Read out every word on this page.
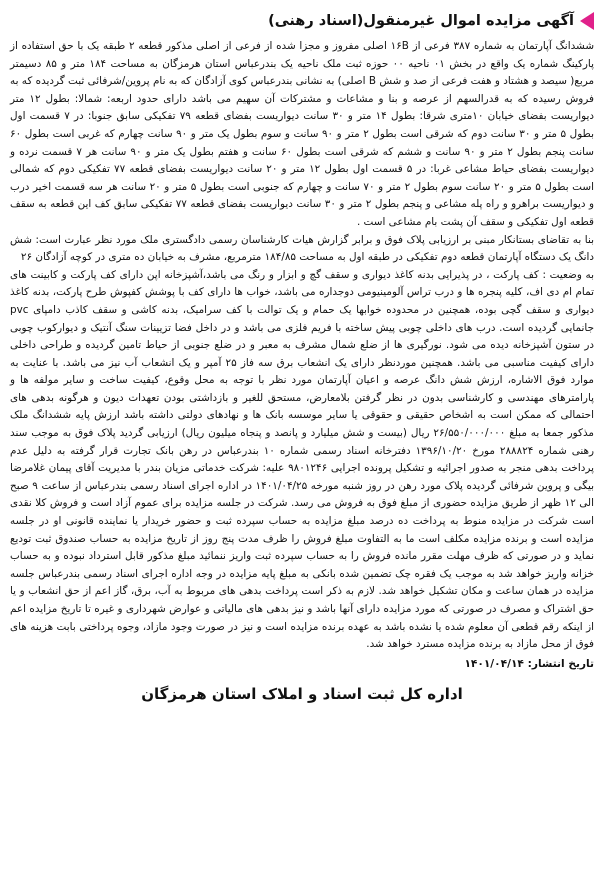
آگهی مزایده اموال غیرمنقول(اسناد رهنی)

ششدانگ آپارتمان به شماره ۳۸۷ فرعی از ۱۶B اصلی مفروز و مجزا شده از فرعی از اصلی مذکور قطعه ۲ طبقه یک با حق استفاده از پارکینگ شماره یک واقع در بخش ۰۱ ناحیه ۰۰ حوزه ثبت ملک ناحیه یک بندرعباس استان هرمزگان به مساحت ۱۸۴ متر و ۸۵ دسیمتر مربع( سیصد و هشتاد و هفت فرعی از صد و شش B اصلی) به نشانی بندرعباس کوی آزادگان که به نام پروین/شرفائی ثبت گردیده که به فروش رسیده که به قدرالسهم از عرصه و بنا و مشاعات و مشترکات آن سهیم می باشد دارای حدود اربعه: شمالا: بطول ۱۲ متر دیواریست بفضای خیابان ۱۰متری شرقا: بطول ۱۴ متر و ۳۰ سانت دیواریست بفضای قطعه ۷۹ تفکیکی سابق جنوبا: در ۷ قسمت اول بطول ۵ متر و ۳۰ سانت دوم که شرقی است بطول ۲ متر و ۹۰ سانت و سوم بطول یک متر و ۹۰ سانت چهارم که غربی است بطول ۶۰ سانت پنجم بطول ۲ متر و ۹۰ سانت و ششم که شرقی است بطول ۶۰ سانت و هفتم بطول یک متر و ۹۰ سانت هر ۷ قسمت نرده و دیواریست بفضای حیاط مشاعی غربا: در ۵ قسمت اول بطول ۱۲ متر و ۲۰ سانت دیواریست بفضای قطعه ۷۷ تفکیکی دوم که شمالی است بطول ۵ متر و ۲۰ سانت سوم بطول ۲ متر و ۷۰ سانت و چهارم که جنوبی است بطول ۵ متر و ۲۰ سانت هر سه قسمت اخیر درب و دیواریست براهرو و راه پله مشاعی و پنجم بطول ۲ متر و ۳۰ سانت دیواریست بفضای قطعه ۷۷ تفکیکی سابق کف این قطعه به سقف قطعه اول تفکیکی و سقف آن پشت بام مشاعی است .

بنا به تقاضای بستانکار مبنی بر ارزیابی پلاک فوق و برابر گزارش هیات کارشناسان رسمی دادگستری ملک مورد نظر عبارت است: شش دانگ یک دستگاه آپارتمان قطعه دوم تفکیکی در طبقه اول به مساحت ۱۸۴/۸۵ مترمربع، مشرف به خیابان ده متری در کوچه آزادگان ۲۶

به وضعیت : کف پارکت ، در پذیرایی بدنه کاغذ دیواری و سقف گچ و ابزار و رنگ می باشد،آشپزخانه اپن دارای کف پارکت و کابینت های تمام ام دی اف، کلیه پنجره ها و درب تراس آلومینیومی دوجداره می باشد، خواب ها دارای کف با پوشش کفپوش طرح پارکت، بدنه کاغذ دیواری و سقف گچی بوده، همچنین در محدوده خوابها یک حمام و یک توالت با کف سرامیک، بدنه کاشی و سقف کاذب دامپای pvc جانمایی گردیده است. درب های داخلی چوبی پیش ساخته با فریم فلزی می باشد و در داخل فضا تزیینات سنگ آنتیک و دیوارکوب چوبی در ستون آشپزخانه دیده می شود. نورگیری ها از ضلع شمال مشرف به معبر و در ضلع جنوبی از حیاط تامین گردیده و طراحی داخلی دارای کیفیت مناسبی می باشد. همچنین موردنظر دارای یک انشعاب برق سه فاز ۲۵ آمپر و یک انشعاب آب نیز می باشد. با عنایت به موارد فوق الاشاره، ارزش شش دانگ عرصه و اعیان آپارتمان مورد نظر با توجه به محل وقوع، کیفیت ساخت و سایر مولفه ها و پارامترهای مهندسی و کارشناسی بدون در نظر گرفتن بلامعارض، مستحق للغیر و بازداشتی بودن تعهدات دیون و هرگونه بدهی های احتمالی که ممکن است به اشخاص حقیقی و حقوقی یا سایر موسسه بانک ها و نهادهای دولتی داشته باشد ارزش پایه ششدانگ ملک مذکور جمعا به مبلغ ۲۶/۵۵۰/۰۰۰/۰۰۰ ریال (بیست و شش میلیارد و پانصد و پنجاه میلیون ریال) ارزیابی گردید پلاک فوق به موجب سند رهنی شماره ۲۸۸۸۲۴ مورخ ۱۳۹۶/۱۰/۲۰ دفترخانه اسناد رسمی شماره ۱۰ بندرعباس در رهن بانک تجارت قرار گرفته به دلیل عدم پرداخت بدهی منجر به صدور اجرائیه و تشکیل پرونده اجرایی ۹۸۰۱۲۴۶ علیه: شرکت خدماتی مزیان بندر با مدیریت آقای پیمان غلامرضا بیگی و پروین شرفائی گردیده پلاک مورد رهن در روز شنبه مورخه ۱۴۰۱/۰۴/۲۵ در اداره اجرای اسناد رسمی بندرعباس از ساعت ۹ صبح الی ۱۲ ظهر از طریق مزایده حضوری از مبلغ فوق به فروش می رسد. شرکت در جلسه مزایده برای عموم آزاد است و فروش کلا نقدی است شرکت در مزایده منوط به پرداخت ده درصد مبلغ مزایده به حساب سپرده ثبت و حضور خریدار یا نماینده قانونی او در جلسه مزایده است و برنده مزایده مکلف است ما به التفاوت مبلغ فروش را ظرف مدت پنج روز از تاریخ مزایده به حساب صندوق ثبت تودیع نماید و در صورتی که ظرف مهلت مقرر مانده فروش را به حساب سپرده ثبت واریز ننمائید مبلغ مذکور قابل استرداد نبوده و به حساب خزانه واریز خواهد شد به موجب یک فقره چک تضمین شده بانکی به مبلغ پایه مزایده در وجه اداره اجرای اسناد رسمی بندرعباس جلسه مزایده در همان ساعت و مکان تشکیل خواهد شد. لازم به ذکر است پرداخت بدهی های مربوط به آب، برق، گاز اعم از حق انشعاب و یا حق اشتراک و مصرف در صورتی که مورد مزایده دارای آنها باشد و نیز بدهی های مالیاتی و عوارض شهرداری و غیره تا تاریخ مزایده اعم از اینکه رقم قطعی آن معلوم شده یا نشده باشد به عهده برنده مزایده است و نیز در صورت وجود مازاد، وجوه پرداختی بابت هزینه های فوق از محل مازاد به برنده مزایده مسترد خواهد شد.

تاریخ انتشار: ۱۴۰۱/۰۴/۱۴
اداره کل ثبت اسناد و املاک استان هرمزگان
